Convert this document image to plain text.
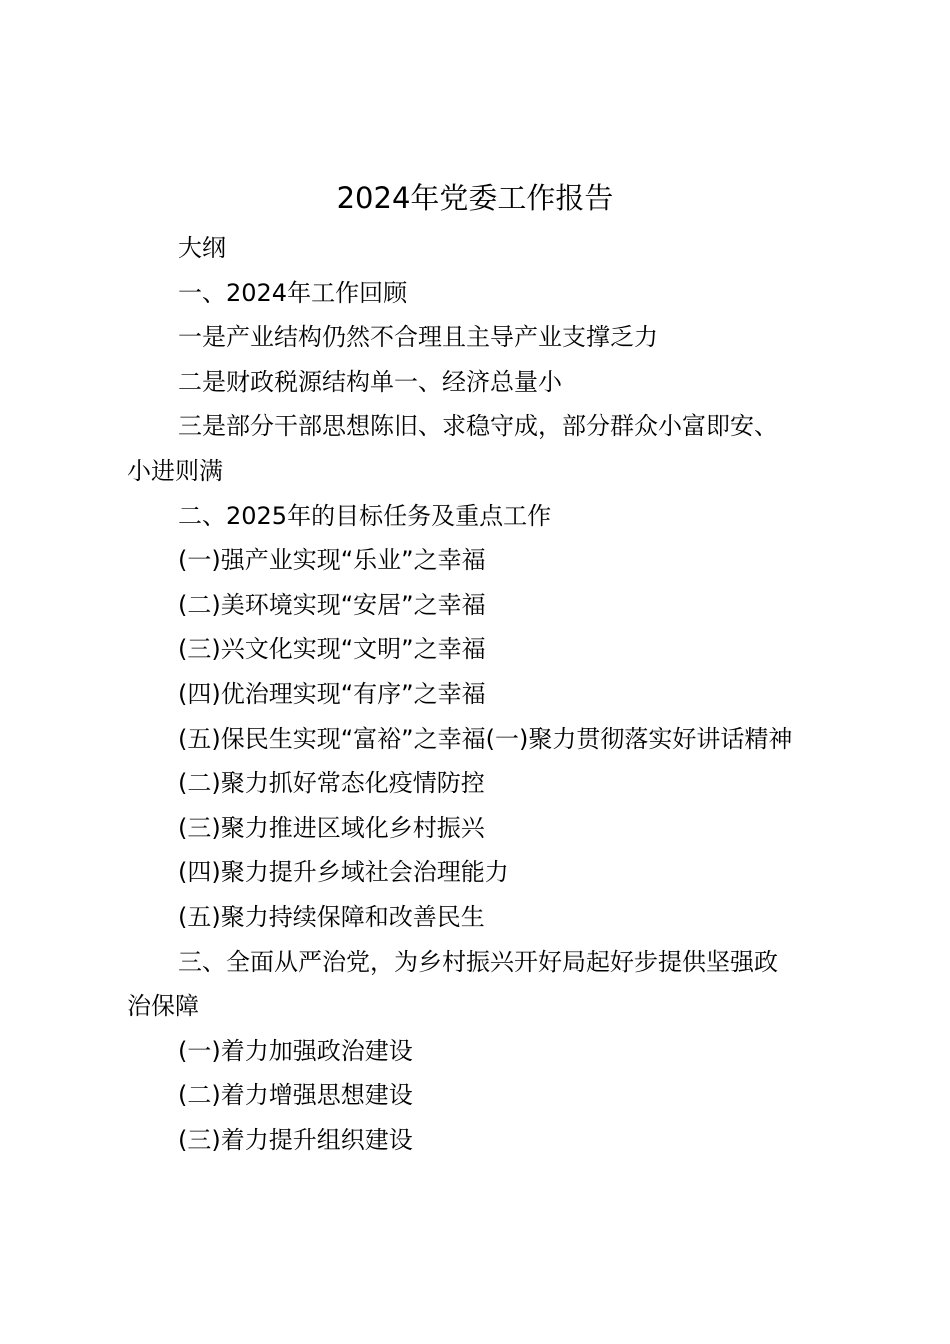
2024年党委工作报告
大纲
一、2024年工作回顾
一是产业结构仍然不合理且主导产业支撑乏力
二是财政税源结构单一、经济总量小
三是部分干部思想陈旧、求稳守成，部分群众小富即安、
小进则满
二、2025年的目标任务及重点工作
(一)强产业实现“乐业”之幸福
(二)美环境实现“安居”之幸福
(三)兴文化实现“文明”之幸福
(四)优治理实现“有序”之幸福
(五)保民生实现“富裕”之幸福(一)聚力贯彻落实好讲话精神
(二)聚力抓好常态化疫情防控
(三)聚力推进区域化乡村振兴
(四)聚力提升乡域社会治理能力
(五)聚力持续保障和改善民生
三、全面从严治党，为乡村振兴开好局起好步提供坚强政
治保障
(一)着力加强政治建设
(二)着力增强思想建设
(三)着力提升组织建设
